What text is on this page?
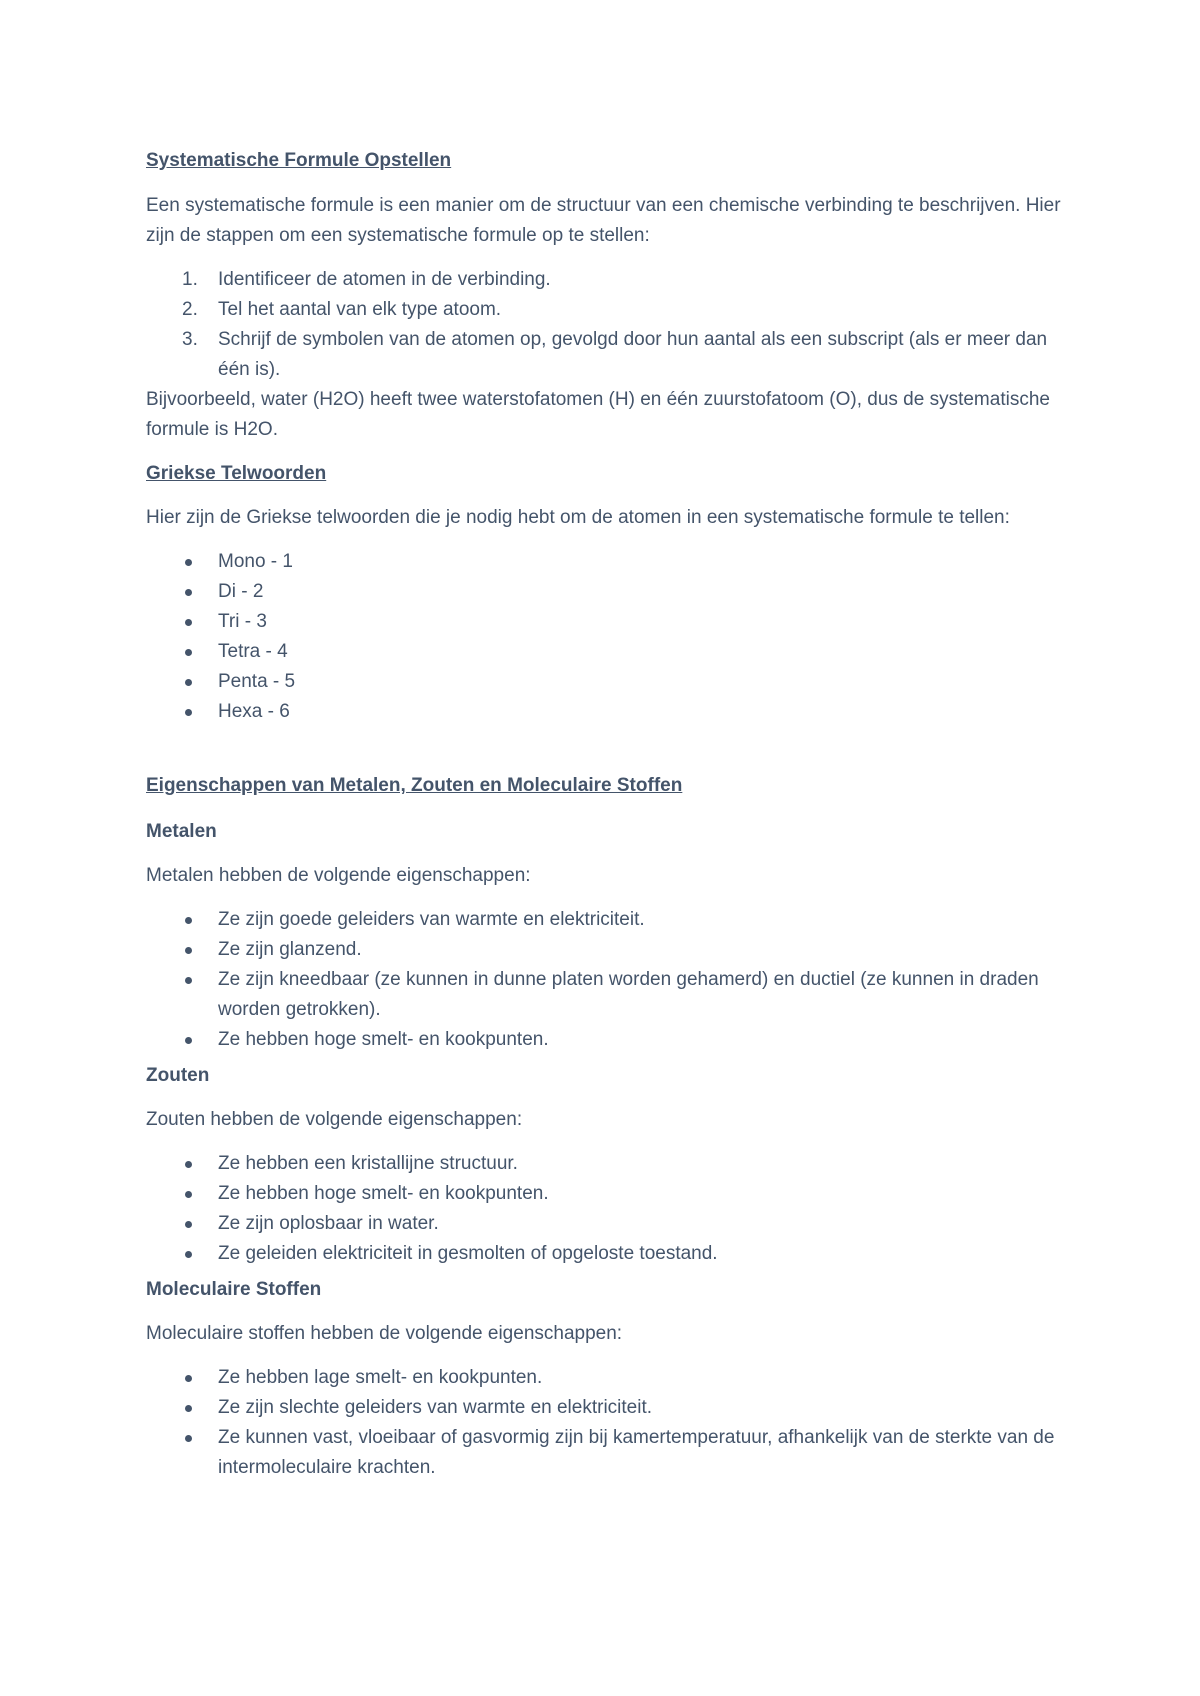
Systematische Formule Opstellen

Een systematische formule is een manier om de structuur van een chemische verbinding te beschrijven. Hier zijn de stappen om een systematische formule op te stellen:

1.	Identificeer de atomen in de verbinding.
2.	Tel het aantal van elk type atoom.
3.	Schrijf de symbolen van de atomen op, gevolgd door hun aantal als een subscript (als er meer dan één is).

Bijvoorbeeld, water (H2O) heeft twee waterstofatomen (H) en één zuurstofatoom (O), dus de systematische formule is H2O.

Griekse Telwoorden

Hier zijn de Griekse telwoorden die je nodig hebt om de atomen in een systematische formule te tellen:

Mono - 1
Di - 2
Tri - 3
Tetra - 4
Penta - 5
Hexa - 6
Eigenschappen van Metalen, Zouten en Moleculaire Stoffen
Metalen

Metalen hebben de volgende eigenschappen:

Ze zijn goede geleiders van warmte en elektriciteit.
Ze zijn glanzend.
Ze zijn kneedbaar (ze kunnen in dunne platen worden gehamerd) en ductiel (ze kunnen in draden worden getrokken).
Ze hebben hoge smelt- en kookpunten.
Zouten

Zouten hebben de volgende eigenschappen:

Ze hebben een kristallijne structuur.
Ze hebben hoge smelt- en kookpunten.
Ze zijn oplosbaar in water.
Ze geleiden elektriciteit in gesmolten of opgeloste toestand.
Moleculaire Stoffen

Moleculaire stoffen hebben de volgende eigenschappen:

Ze hebben lage smelt- en kookpunten.
Ze zijn slechte geleiders van warmte en elektriciteit.
Ze kunnen vast, vloeibaar of gasvormig zijn bij kamertemperatuur, afhankelijk van de sterkte van de intermoleculaire krachten.
